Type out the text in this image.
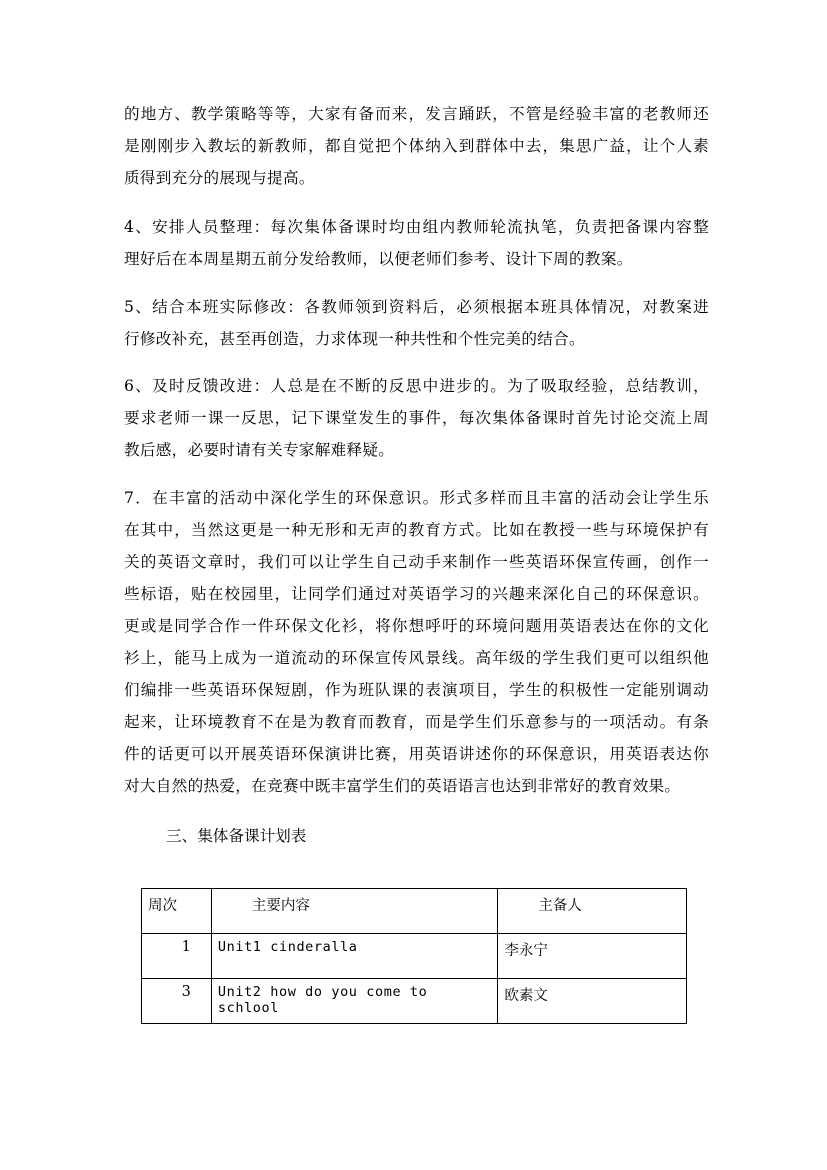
的地方、教学策略等等，大家有备而来，发言踊跃，不管是经验丰富的老教师还
是刚刚步入教坛的新教师，都自觉把个体纳入到群体中去，集思广益，让个人素
质得到充分的展现与提高。
4、安排人员整理：每次集体备课时均由组内教师轮流执笔，负责把备课内容整
理好后在本周星期五前分发给教师，以便老师们参考、设计下周的教案。
5、结合本班实际修改：各教师领到资料后，必须根据本班具体情况，对教案进
行修改补充，甚至再创造，力求体现一种共性和个性完美的结合。
6、及时反馈改进：人总是在不断的反思中进步的。为了吸取经验，总结教训，
要求老师一课一反思，记下课堂发生的事件，每次集体备课时首先讨论交流上周
教后感，必要时请有关专家解难释疑。
7．在丰富的活动中深化学生的环保意识。形式多样而且丰富的活动会让学生乐
在其中，当然这更是一种无形和无声的教育方式。比如在教授一些与环境保护有
关的英语文章时，我们可以让学生自己动手来制作一些英语环保宣传画，创作一
些标语，贴在校园里，让同学们通过对英语学习的兴趣来深化自己的环保意识。
更或是同学合作一件环保文化衫，将你想呼吁的环境问题用英语表达在你的文化
衫上，能马上成为一道流动的环保宣传风景线。高年级的学生我们更可以组织他
们编排一些英语环保短剧，作为班队课的表演项目，学生的积极性一定能别调动
起来，让环境教育不在是为教育而教育，而是学生们乐意参与的一项活动。有条
件的话更可以开展英语环保演讲比赛，用英语讲述你的环保意识，用英语表达你
对大自然的热爱，在竞赛中既丰富学生们的英语语言也达到非常好的教育效果。

三、集体备课计划表

周次	主要内容	主备人
1	Unit1 cinderalla	李永宁
3	Unit2 how do you come to schlool	欧素文
